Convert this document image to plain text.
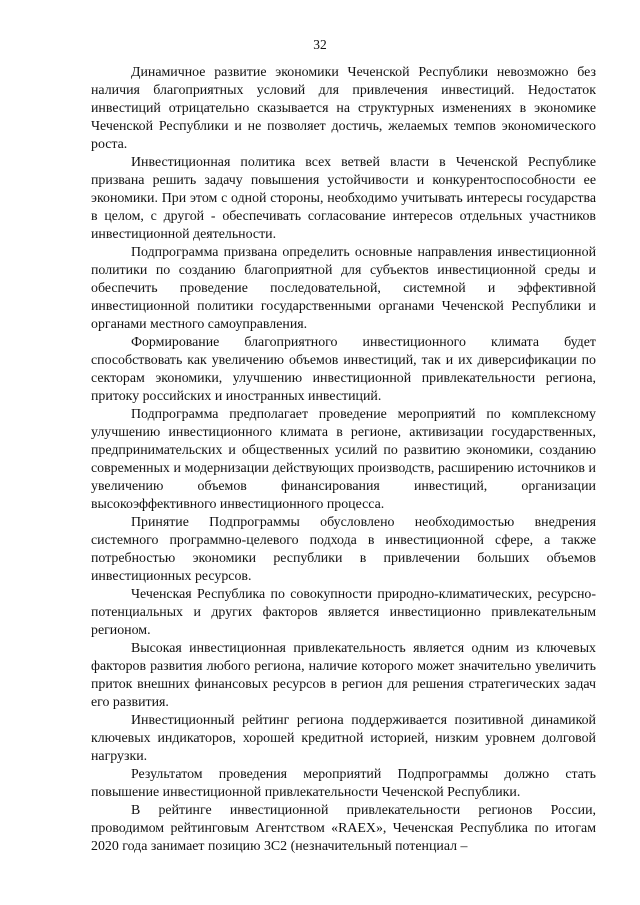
32

Динамичное развитие экономики Чеченской Республики невозможно без наличия благоприятных условий для привлечения инвестиций. Недостаток инвестиций отрицательно сказывается на структурных изменениях в экономике Чеченской Республики и не позволяет достичь, желаемых темпов экономического роста.

Инвестиционная политика всех ветвей власти в Чеченской Республике призвана решить задачу повышения устойчивости и конкурентоспособности ее экономики. При этом с одной стороны, необходимо учитывать интересы государства в целом, с другой - обеспечивать согласование интересов отдельных участников инвестиционной деятельности.

Подпрограмма призвана определить основные направления инвестиционной политики по созданию благоприятной для субъектов инвестиционной среды и обеспечить проведение последовательной, системной и эффективной инвестиционной политики государственными органами Чеченской Республики и органами местного самоуправления.

Формирование благоприятного инвестиционного климата будет способствовать как увеличению объемов инвестиций, так и их диверсификации по секторам экономики, улучшению инвестиционной привлекательности региона, притоку российских и иностранных инвестиций.

Подпрограмма предполагает проведение мероприятий по комплексному улучшению инвестиционного климата в регионе, активизации государственных, предпринимательских и общественных усилий по развитию экономики, созданию современных и модернизации действующих производств, расширению источников и увеличению объемов финансирования инвестиций, организации высокоэффективного инвестиционного процесса.

Принятие Подпрограммы обусловлено необходимостью внедрения системного программно-целевого подхода в инвестиционной сфере, а также потребностью экономики республики в привлечении больших объемов инвестиционных ресурсов.

Чеченская Республика по совокупности природно-климатических, ресурсно-потенциальных и других факторов является инвестиционно привлекательным регионом.

Высокая инвестиционная привлекательность является одним из ключевых факторов развития любого региона, наличие которого может значительно увеличить приток внешних финансовых ресурсов в регион для решения стратегических задач его развития.

Инвестиционный рейтинг региона поддерживается позитивной динамикой ключевых индикаторов, хорошей кредитной историей, низким уровнем долговой нагрузки.

Результатом проведения мероприятий Подпрограммы должно стать повышение инвестиционной привлекательности Чеченской Республики.

В рейтинге инвестиционной привлекательности регионов России, проводимом рейтинговым Агентством «RAEX», Чеченская Республика по итогам 2020 года занимает позицию 3С2 (незначительный потенциал –
